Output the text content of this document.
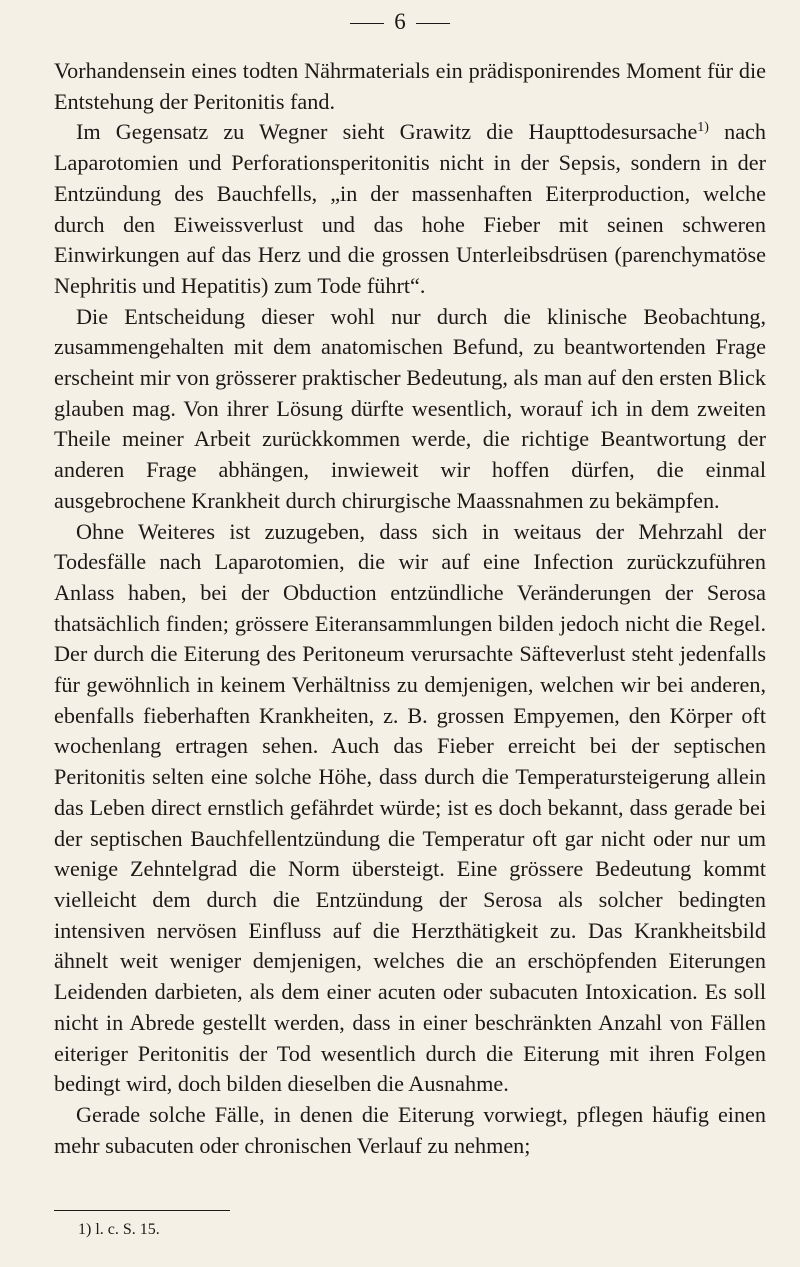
6

Vorhandensein eines todten Nährmaterials ein prädisponirendes Moment für die Entstehung der Peritonitis fand.

Im Gegensatz zu Wegner sieht Grawitz die Haupttodesursache$^{1)}$ nach Laparotomien und Perforationsperitonitis nicht in der Sepsis, sondern in der Entzündung des Bauchfells, „in der massenhaften Eiterproduction, welche durch den Eiweissverlust und das hohe Fieber mit seinen schweren Einwirkungen auf das Herz und die grossen Unterleibsdrüsen (parenchymatöse Nephritis und Hepatitis) zum Tode führt“.

Die Entscheidung dieser wohl nur durch die klinische Beobachtung, zusammengehalten mit dem anatomischen Befund, zu beantwortenden Frage erscheint mir von grösserer praktischer Bedeutung, als man auf den ersten Blick glauben mag. Von ihrer Lösung dürfte wesentlich, worauf ich in dem zweiten Theile meiner Arbeit zurückkommen werde, die richtige Beantwortung der anderen Frage abhängen, inwieweit wir hoffen dürfen, die einmal ausgebrochene Krankheit durch chirurgische Maassnahmen zu bekämpfen.

Ohne Weiteres ist zuzugeben, dass sich in weitaus der Mehrzahl der Todesfälle nach Laparotomien, die wir auf eine Infection zurückzuführen Anlass haben, bei der Obduction entzündliche Veränderungen der Serosa thatsächlich finden; grössere Eiteransammlungen bilden jedoch nicht die Regel. Der durch die Eiterung des Peritoneum verursachte Säfteverlust steht jedenfalls für gewöhnlich in keinem Verhältniss zu demjenigen, welchen wir bei anderen, ebenfalls fieberhaften Krankheiten, z. B. grossen Empyemen, den Körper oft wochenlang ertragen sehen. Auch das Fieber erreicht bei der septischen Peritonitis selten eine solche Höhe, dass durch die Temperatursteigerung allein das Leben direct ernstlich gefährdet würde; ist es doch bekannt, dass gerade bei der septischen Bauchfellentzündung die Temperatur oft gar nicht oder nur um wenige Zehntelgrad die Norm übersteigt. Eine grössere Bedeutung kommt vielleicht dem durch die Entzündung der Serosa als solcher bedingten intensiven nervösen Einfluss auf die Herzthätigkeit zu. Das Krankheitsbild ähnelt weit weniger demjenigen, welches die an erschöpfenden Eiterungen Leidenden darbieten, als dem einer acuten oder subacuten Intoxication. Es soll nicht in Abrede gestellt werden, dass in einer beschränkten Anzahl von Fällen eiteriger Peritonitis der Tod wesentlich durch die Eiterung mit ihren Folgen bedingt wird, doch bilden dieselben die Ausnahme.

Gerade solche Fälle, in denen die Eiterung vorwiegt, pflegen häufig einen mehr subacuten oder chronischen Verlauf zu nehmen;

1) l. c. S. 15.
